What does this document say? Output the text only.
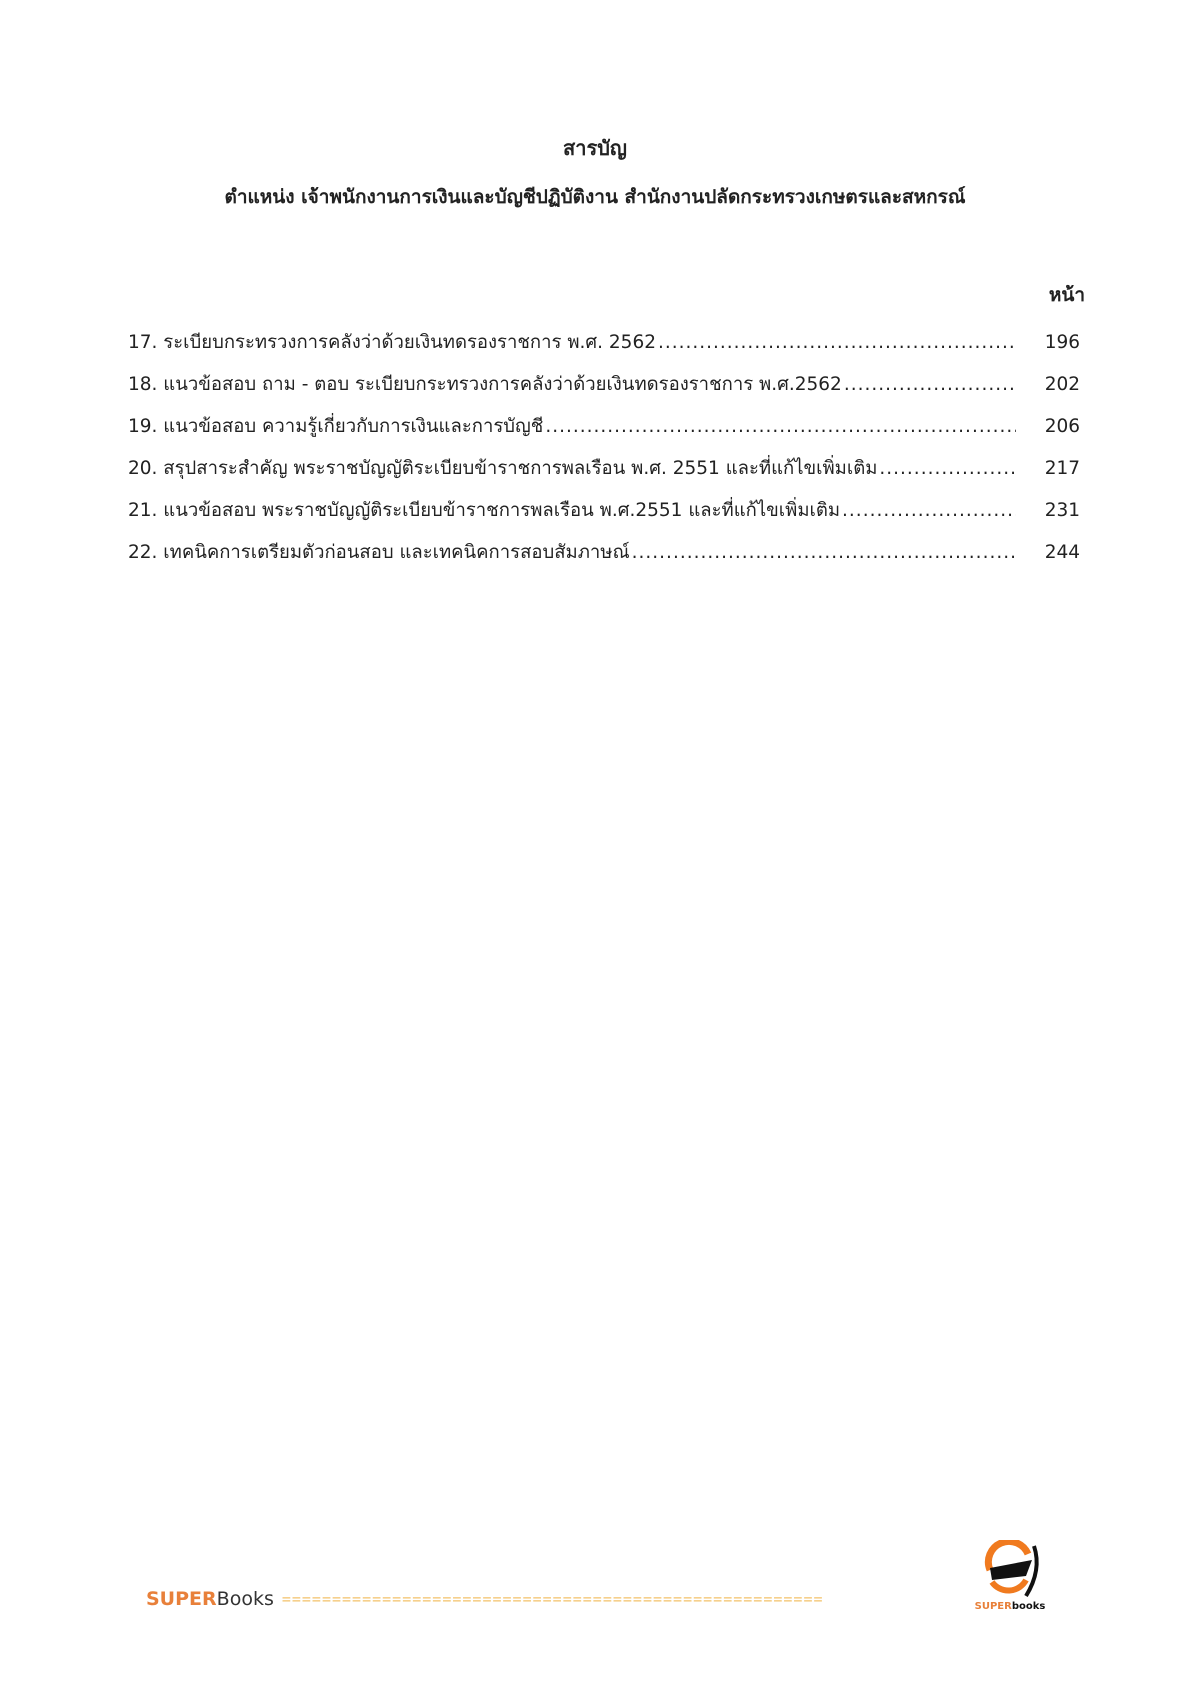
สารบัญ
ตำแหน่ง เจ้าพนักงานการเงินและบัญชีปฏิบัติงาน สำนักงานปลัดกระทรวงเกษตรและสหกรณ์
หน้า
17. ระเบียบกระทรวงการคลังว่าด้วยเงินทดรองราชการ พ.ศ. 2562 .....	196
18. แนวข้อสอบ ถาม - ตอบ ระเบียบกระทรวงการคลังว่าด้วยเงินทดรองราชการ พ.ศ.2562 .....	202
19. แนวข้อสอบ ความรู้เกี่ยวกับการเงินและการบัญชี .....	206
20. สรุปสาระสำคัญ พระราชบัญญัติระเบียบข้าราชการพลเรือน พ.ศ. 2551 และที่แก้ไขเพิ่มเติม .....	217
21. แนวข้อสอบ พระราชบัญญัติระเบียบข้าราชการพลเรือน พ.ศ.2551 และที่แก้ไขเพิ่มเติม .....	231
22. เทคนิคการเตรียมตัวก่อนสอบ และเทคนิคการสอบสัมภาษณ์ .....	244
SUPER Books ======================================================	SUPERbooks
